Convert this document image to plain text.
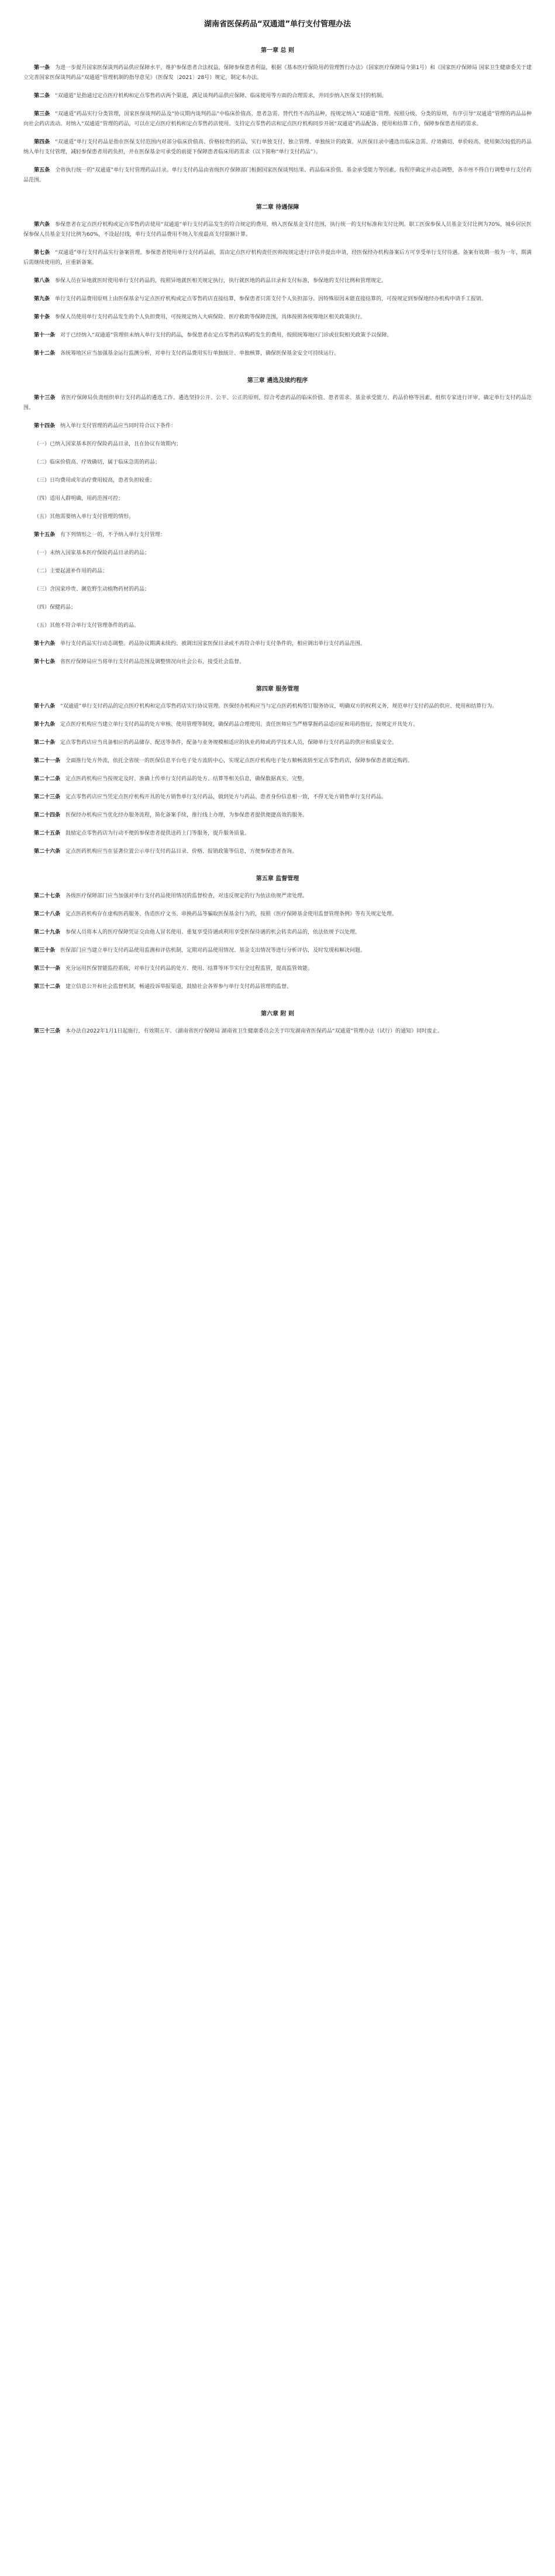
湖南省医保药品“双通道”单行支付管理办法
第一章 总 则

第一条　为进一步提升国家医保谈判药品供应保障水平，维护参保患者合法权益，保障参保患者利益，根据《基本医疗保险用药管理暂行办法》（国家医疗保障局令第1号）和《国家医疗保障局 国家卫生健康委关于建立完善国家医保谈判药品“双通道”管理机制的指导意见》（医保发〔2021〕28号）规定，制定本办法。

第二条　“双通道”是指通过定点医疗机构和定点零售药店两个渠道，满足谈判药品供应保障、临床使用等方面的合理需求，并同步纳入医保支付的机制。

第三条　“双通道”药品实行分类管理，国家医保谈判药品及“协议期内谈判药品”中临床价值高、患者急需、替代性不高的品种，按规定纳入“双通道”管理。按照分级、分类的原则，有序引导“双通道”管理的药品品种向社会药店流动。对纳入“双通道”管理的药品，可以在定点医疗机构和定点零售药店使用。支持定点零售药店和定点医疗机构同步开展“双通道”药品配备、使用和结算工作，保障参保患者用药需求。

第四条　“双通道”单行支付药品是指在医保支付范围内对部分临床价值高、价格较贵的药品，实行单独支付、独立管理、单独统计的政策。从医保目录中遴选出临床急需、疗效确切、单价较高、使用频次较低的药品纳入单行支付管理，减轻参保患者用药负担，并在医保基金可承受的前提下保障患者临床用药需求（以下简称“单行支付药品”）。

第五条　全省执行统一的“双通道”单行支付管理药品目录。单行支付药品由省级医疗保障部门根据国家医保谈判结果、药品临床价值、基金承受能力等因素，按程序确定并动态调整，各市州不得自行调整单行支付药品范围。

第二章 待遇保障

第六条　参保患者在定点医疗机构或定点零售药店使用“双通道”单行支付药品发生的符合规定的费用，纳入医保基金支付范围，执行统一的支付标准和支付比例。职工医保参保人员基金支付比例为70%，城乡居民医保参保人员基金支付比例为60%，不设起付线，单行支付药品费用不纳入年度最高支付限额计算。

第七条　“双通道”单行支付药品实行备案管理。参保患者使用单行支付药品前，需由定点医疗机构责任医师按规定进行评估并提出申请，经医保经办机构备案后方可享受单行支付待遇。备案有效期一般为一年，期满后需继续使用的，应重新备案。

第八条　参保人员在异地就医时使用单行支付药品的，按照异地就医相关规定执行，执行就医地的药品目录和支付标准，参保地的支付比例和管理规定。

第九条　单行支付药品费用原则上由医保基金与定点医疗机构或定点零售药店直接结算，参保患者只需支付个人负担部分。因特殊原因未能直接结算的，可按规定到参保地经办机构申请手工报销。

第十条　参保人员使用单行支付药品发生的个人负担费用，可按规定纳入大病保险、医疗救助等保障范围，具体按照各统筹地区相关政策执行。

第十一条　对于已经纳入“双通道”管理但未纳入单行支付的药品，参保患者在定点零售药店购药发生的费用，按照统筹地区门诊或住院相关政策予以保障。

第十二条　各统筹地区应当加强基金运行监测分析，对单行支付药品费用实行单独统计、单独核算，确保医保基金安全可持续运行。

第三章 遴选及续约程序

第十三条　省医疗保障局负责组织单行支付药品的遴选工作。遴选坚持公开、公平、公正的原则，综合考虑药品的临床价值、患者需求、基金承受能力、药品价格等因素，组织专家进行评审，确定单行支付药品范围。

第十四条　纳入单行支付管理的药品应当同时符合以下条件：

（一）已纳入国家基本医疗保险药品目录，且在协议有效期内；
（二）临床价值高、疗效确切，属于临床急需的药品；
（三）日均费用或年治疗费用较高，患者负担较重；
（四）适用人群明确，用药范围可控；
（五）其他需要纳入单行支付管理的情形。

第十五条　有下列情形之一的，不予纳入单行支付管理：

（一）未纳入国家基本医疗保险药品目录的药品；
（二）主要起滋补作用的药品；
（三）含国家珍贵、濒危野生动植物药材的药品；
（四）保健药品；
（五）其他不符合单行支付管理条件的药品。

第十六条　单行支付药品实行动态调整。药品协议期满未续约、被调出国家医保目录或不再符合单行支付条件的，相应调出单行支付药品范围。

第十七条　省医疗保障局应当将单行支付药品范围及调整情况向社会公布，接受社会监督。

第四章 服务管理

第十八条　“双通道”单行支付药品的定点医疗机构和定点零售药店实行协议管理。医保经办机构应当与定点医药机构签订服务协议，明确双方的权利义务，规范单行支付药品的供应、使用和结算行为。

第十九条　定点医疗机构应当建立单行支付药品的处方审核、使用管理等制度，确保药品合理使用。责任医师应当严格掌握药品适应症和用药指征，按规定开具处方。

第二十条　定点零售药店应当具备相应的药品储存、配送等条件，配备与业务规模相适应的执业药师或药学技术人员，保障单行支付药品的供应和质量安全。

第二十一条　全面推行处方外流，依托全省统一的医保信息平台电子处方流转中心，实现定点医疗机构电子处方顺畅流转至定点零售药店，保障参保患者就近购药。

第二十二条　定点医药机构应当按规定及时、准确上传单行支付药品的处方、结算等相关信息，确保数据真实、完整。

第二十三条　定点零售药店应当凭定点医疗机构开具的处方销售单行支付药品，做到处方与药品、患者身份信息相一致，不得无处方销售单行支付药品。

第二十四条　医保经办机构应当优化经办服务流程，简化备案手续，推行线上办理，为参保患者提供便捷高效的服务。

第二十五条　鼓励定点零售药店为行动不便的参保患者提供送药上门等服务，提升服务质量。

第二十六条　定点医药机构应当在显著位置公示单行支付药品目录、价格、报销政策等信息，方便参保患者查询。

第五章 监督管理

第二十七条　各级医疗保障部门应当加强对单行支付药品使用情况的监督检查，对违反规定的行为依法依规严肃处理。

第二十八条　定点医药机构存在虚构医药服务、伪造医疗文书、串换药品等骗取医保基金行为的，按照《医疗保障基金使用监督管理条例》等有关规定处理。

第二十九条　参保人员将本人的医疗保障凭证交由他人冒名使用、重复享受待遇或利用享受医保待遇的机会转卖药品的，依法依规予以处理。

第三十条　医保部门应当建立单行支付药品使用监测和评估机制，定期对药品使用情况、基金支出情况等进行分析评估，及时发现和解决问题。

第三十一条　充分运用医保智能监控系统，对单行支付药品的处方、使用、结算等环节实行全过程监管，提高监管效能。

第三十二条　建立信息公开和社会监督机制，畅通投诉举报渠道，鼓励社会各界参与单行支付药品管理的监督。

第六章 附 则

第三十三条　本办法自2022年1月1日起施行，有效期五年。《湖南省医疗保障局 湖南省卫生健康委员会关于印发湖南省医保药品“双通道”管理办法（试行）的通知》同时废止。
